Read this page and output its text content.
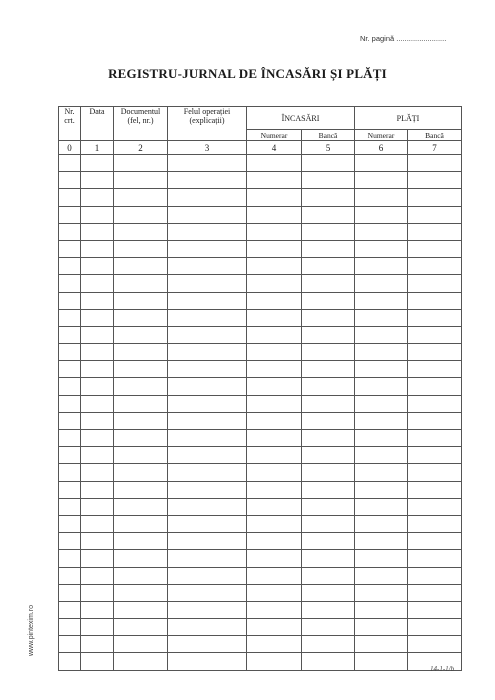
Nr. pagină ........................
REGISTRU-JURNAL DE ÎNCASĂRI ȘI PLĂȚI
Nr. crt.	Data	Documentul (fel, nr.)	Felul operației (explicații)	ÎNCASĂRI		PLĂȚI	
				Numerar	Bancă	Numerar	Bancă
0	1	2	3	4	5	6	7

www.pintexim.ro
14-1-1/b
